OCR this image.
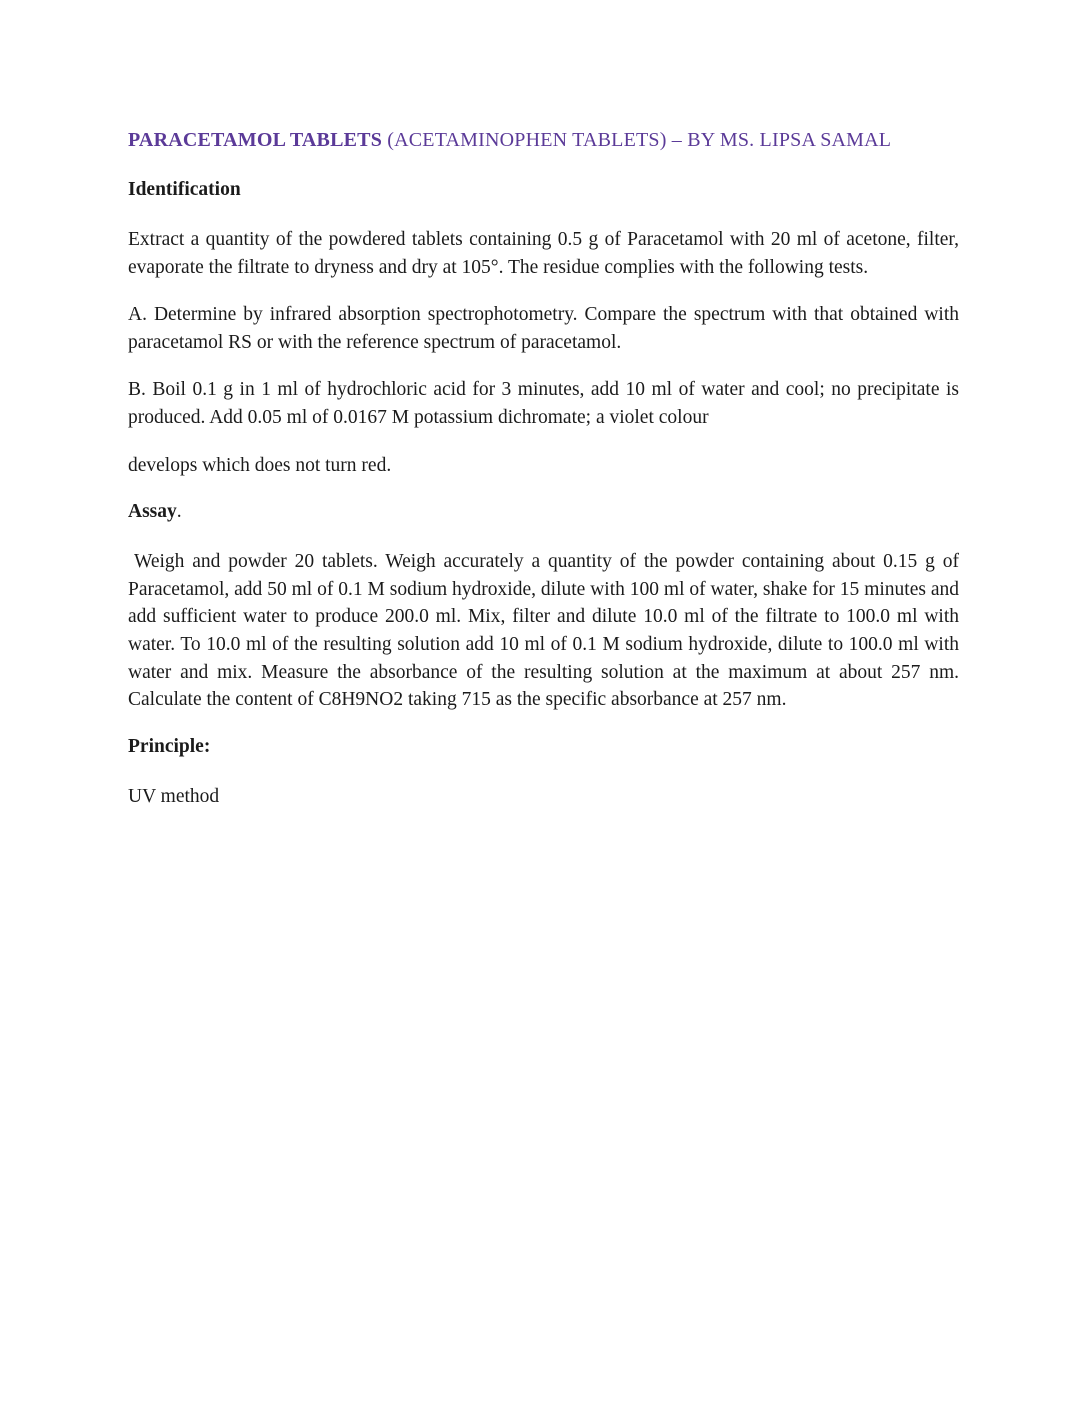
PARACETAMOL TABLETS (ACETAMINOPHEN TABLETS) – BY MS. LIPSA SAMAL
Identification

Extract a quantity of the powdered tablets containing 0.5 g of Paracetamol with 20 ml of acetone, filter, evaporate the filtrate to dryness and dry at 105°. The residue complies with the following tests.

A. Determine by infrared absorption spectrophotometry. Compare the spectrum with that obtained with paracetamol RS or with the reference spectrum of paracetamol.

B. Boil 0.1 g in 1 ml of hydrochloric acid for 3 minutes, add 10 ml of water and cool; no precipitate is produced. Add 0.05 ml of 0.0167 M potassium dichromate; a violet colour

develops which does not turn red.

Assay.

Weigh and powder 20 tablets. Weigh accurately a quantity of the powder containing about 0.15 g of Paracetamol, add 50 ml of 0.1 M sodium hydroxide, dilute with 100 ml of water, shake for 15 minutes and add sufficient water to produce 200.0 ml. Mix, filter and dilute 10.0 ml of the filtrate to 100.0 ml with water. To 10.0 ml of the resulting solution add 10 ml of 0.1 M sodium hydroxide, dilute to 100.0 ml with water and mix. Measure the absorbance of the resulting solution at the maximum at about 257 nm. Calculate the content of C8H9NO2 taking 715 as the specific absorbance at 257 nm.

Principle:

UV method
